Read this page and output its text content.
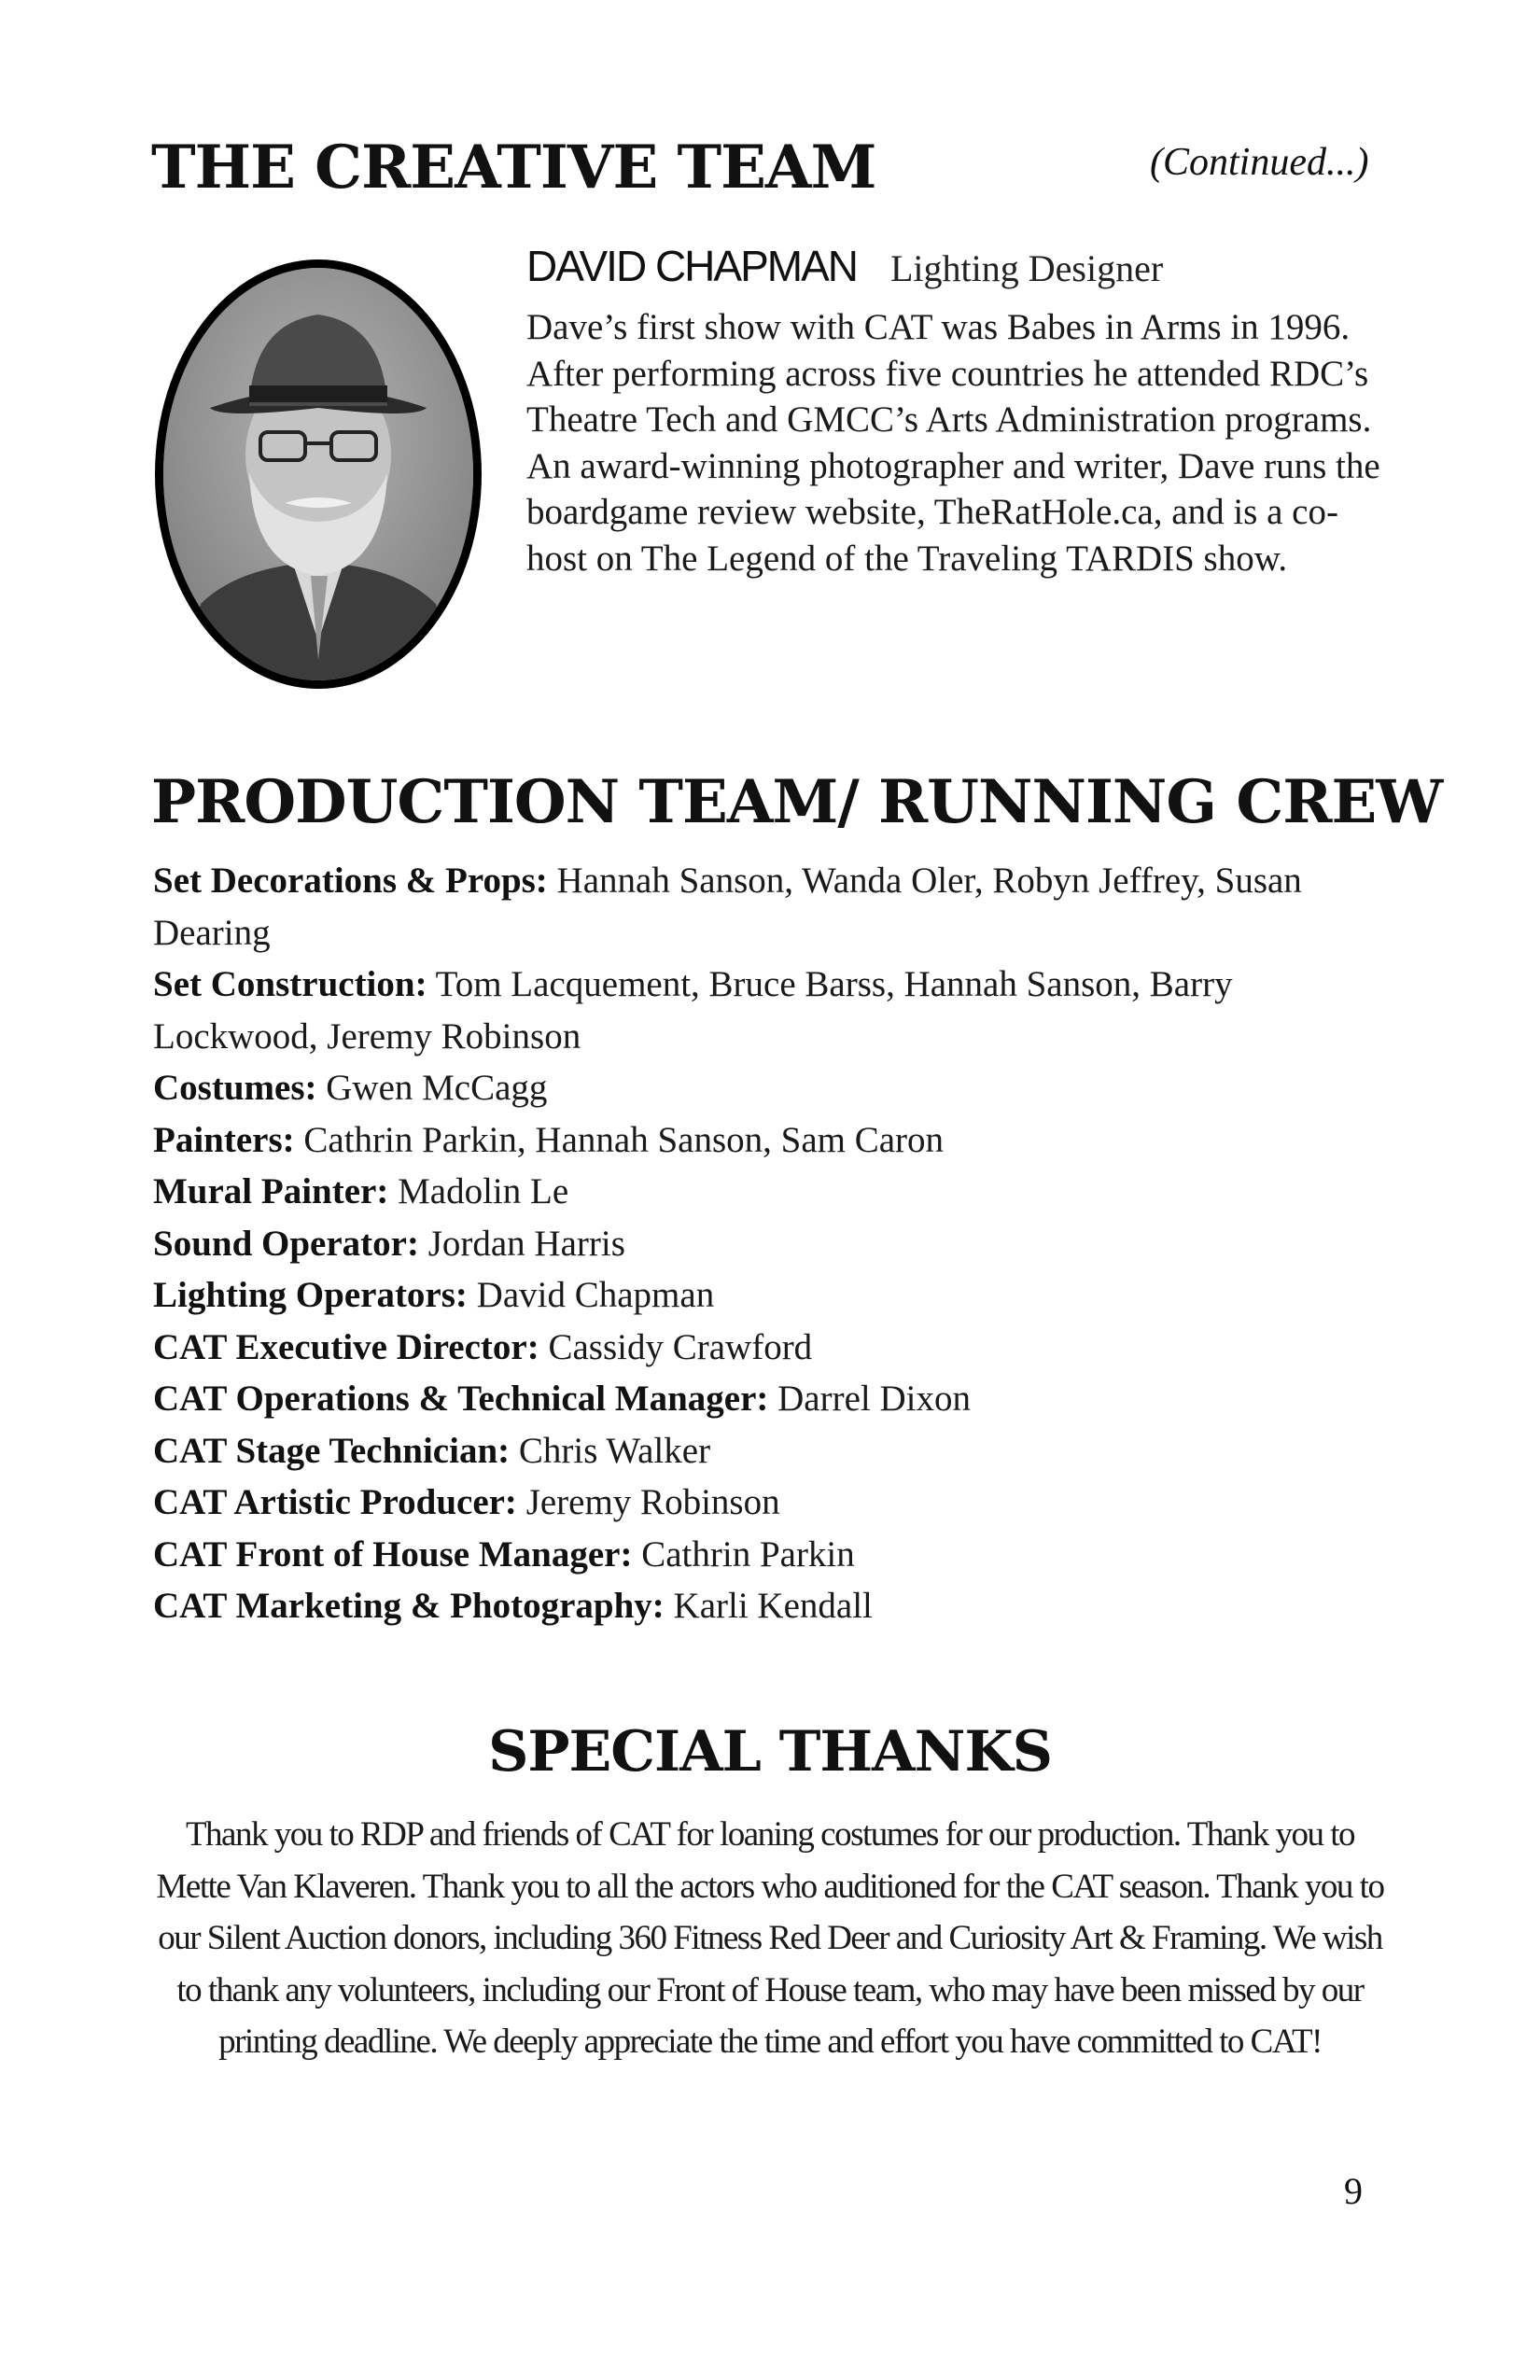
THE CREATIVE TEAM	(Continued...)
DAVID CHAPMAN Lighting Designer

Dave’s first show with CAT was Babes in Arms in 1996. After performing across five countries he attended RDC’s Theatre Tech and GMCC’s Arts Administration programs. An award-winning photographer and writer, Dave runs the boardgame review website, TheRatHole.ca, and is a co-host on The Legend of the Traveling TARDIS show.

PRODUCTION TEAM/ RUNNING CREW
Set Decorations & Props: Hannah Sanson, Wanda Oler, Robyn Jeffrey, Susan Dearing
Set Construction: Tom Lacquement, Bruce Barss, Hannah Sanson, Barry Lockwood, Jeremy Robinson
Costumes: Gwen McCagg
Painters: Cathrin Parkin, Hannah Sanson, Sam Caron
Mural Painter: Madolin Le
Sound Operator: Jordan Harris
Lighting Operators: David Chapman
CAT Executive Director: Cassidy Crawford
CAT Operations & Technical Manager: Darrel Dixon
CAT Stage Technician: Chris Walker
CAT Artistic Producer: Jeremy Robinson
CAT Front of House Manager: Cathrin Parkin
CAT Marketing & Photography: Karli Kendall
SPECIAL THANKS

Thank you to RDP and friends of CAT for loaning costumes for our production. Thank you to Mette Van Klaveren. Thank you to all the actors who auditioned for the CAT season. Thank you to our Silent Auction donors, including 360 Fitness Red Deer and Curiosity Art & Framing. We wish to thank any volunteers, including our Front of House team, who may have been missed by our printing deadline. We deeply appreciate the time and effort you have committed to CAT!

9
